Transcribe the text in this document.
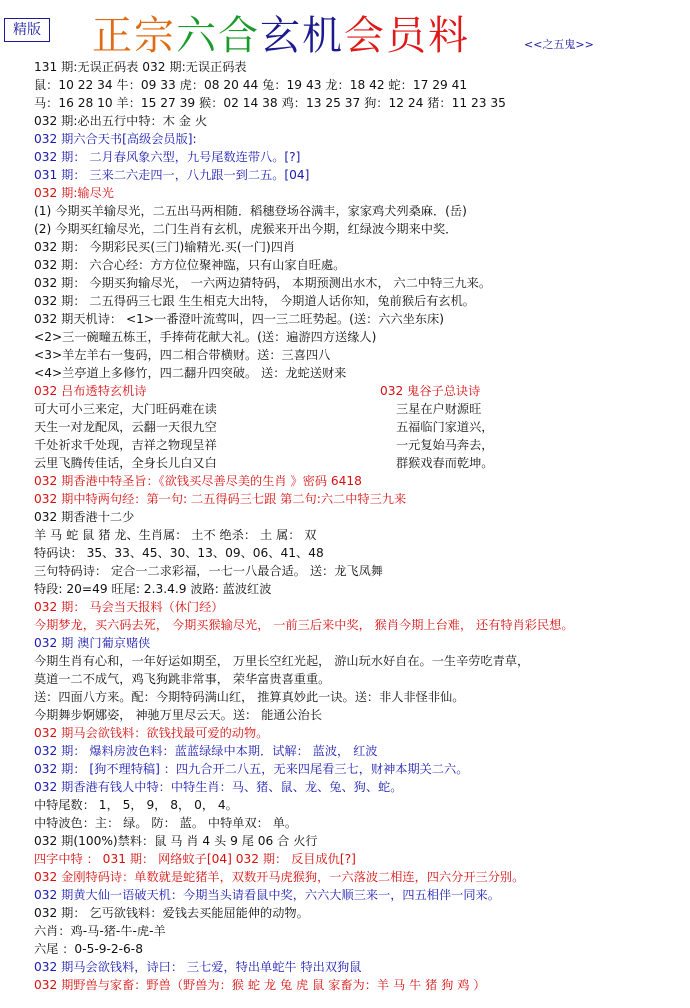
精版 正宗六合玄机会员料	<<之五鬼>>
131 期:无误正码表 032 期:无误正码表
鼠：10 22 34 牛：09 33 虎：08 20 44 兔：19 43 龙：18 42 蛇：17 29 41
马：16 28 10 羊：15 27 39 猴：02 14 38 鸡：13 25 37 狗：12 24 猪：11 23 35
032 期:必出五行中特：木 金 火
032 期六合天书[高级会员版]:
032 期： 二月春风象六型，九号尾数连带八。[?]
031 期： 三来二六走四一，八九跟一到二五。[04]
032 期:输尽光
(1) 今期买羊输尽光，二五出马两相随．稻穗登场谷满丰，家家鸡犬列桑麻．(岳)
(2) 今期买红输尽光，二门生肖有玄机，虎猴来开出今期，红绿波今期来中奖．
032 期： 今期彩民买(三门)输精光.买(一门)四肖
032 期： 六合心经：方方位位聚神臨，只有山家自旺處。
032 期： 今期买狗输尽光， 一六两边猜特码， 本期预测出水木， 六二中特三九来。
032 期： 二五得码三七跟 生生相克大出特， 今期道人话你知，兔前猴后有玄机。
032 期天机诗： <1>一番澄叶流莺叫，四一三二旺势起。(送：六六坐东床)
<2>三一碗疃五栋王，手捧荷花献大礼。(送：遍游四方送缘人)
<3>羊左羊右一隻码，四二相合带横财。送：三喜四八
<4>兰亭道上多修竹，四二翻升四突破。 送：龙蛇送财来
032 吕布透特玄机诗	032 鬼谷子总诀诗
可大可小三来定，大门旺码难在读
天生一对龙配凤，云翻一天很九空
千处祈求千处现，吉祥之物现呈祥
云里飞腾传佳话，全身长儿白又白
三星在户财源旺
五福临门家道兴，
一元复始马奔去，
群猴戏春而乾坤。
032 期香港中特圣旨：《欲钱买尽善尽美的生肖 》密码 6418
032 期中特两句经：第一句: 二五得码三七跟 第二句:六二中特三九来
032 期香港十二少
羊 马 蛇 鼠 猪 龙、生肖属： 土不 绝杀： 土 属： 双
特码诀： 35、33、45、30、13、09、06、41、48
三句特码诗： 定合一二求彩福，一七一八最合适。 送：龙飞凤舞
特段: 20=49 旺尾: 2.3.4.9 波路: 蓝波红波
032 期： 马会当天报料（休门经）
今期梦龙，买六码去死， 今期买猴输尽光， 一前三后来中奖， 猴肖今期上台难， 还有特肖彩民想。
032 期 澳门葡京赌侠
今期生肖有心和，一年好运如期至， 万里长空红光起， 游山玩水好自在。一生辛劳吃青草，
莫道一二不成气，鸡飞狗跳非常事， 荣华富贵喜重重。
送：四面八方来。配：今期特码满山红， 推算真妙此一诀。送：非人非怪非仙。
今期舞步婀娜姿， 神驰万里尽云天。送： 能通公治长
032 期马会欲钱料：欲钱找最可爱的动物。
032 期： 爆料房波色料：蓝蓝绿绿中本期．试解： 蓝波， 红波
032 期： [狗不理特稿] ：四九合开二八五，无来四尾看三七，财神本期关二六。
032 期香港有钱人中特：中特生肖：马、猪、鼠、龙、兔、狗、蛇。
中特尾数： 1， 5， 9， 8， 0， 4。
中特波色：主： 绿。 防： 蓝。 中特单双： 单。
032 期(100%)禁料：鼠 马 肖 4 头 9 尾 06 合 火行
四字中特 ： 031 期： 网络蚊子[04] 032 期： 反目成仇[?]
032 金刚特码诗：单数就是蛇猪羊，双数开马虎猴狗，一六落波二相连，四六分开三分别。
032 期黄大仙一语破天机：今期当头请看鼠中奖，六六大顺三来一，四五相伴一同来。
032 期： 乞丐欲钱料：爱钱去买能屈能伸的动物。
六肖：鸡-马-猪-牛-虎-羊
六尾 ：0-5-9-2-6-8
032 期马会欲钱料，诗曰： 三七爱，特出单蛇牛 特出双狗鼠
032 期野兽与家畜：野兽（野兽为：猴 蛇 龙 兔 虎 鼠 家畜为：羊 马 牛 猪 狗 鸡 ）
